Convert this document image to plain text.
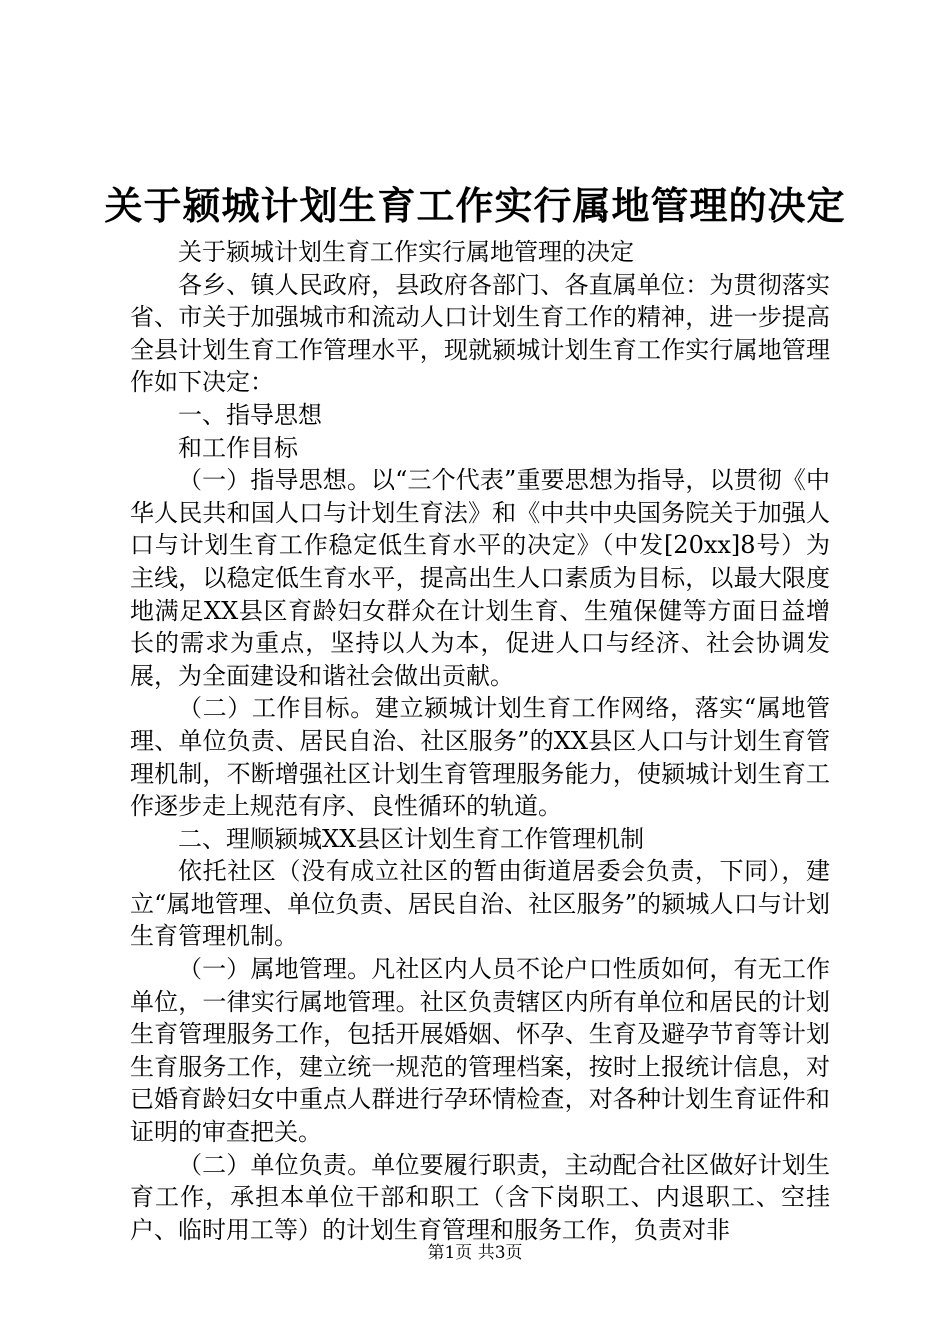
关于颍城计划生育工作实行属地管理的决定

关于颍城计划生育工作实行属地管理的决定

各乡、镇人民政府，县政府各部门、各直属单位：为贯彻落实省、市关于加强城市和流动人口计划生育工作的精神，进一步提高全县计划生育工作管理水平，现就颍城计划生育工作实行属地管理作如下决定：

一、指导思想

和工作目标

（一）指导思想。以“三个代表”重要思想为指导，以贯彻《中华人民共和国人口与计划生育法》和《中共中央国务院关于加强人口与计划生育工作稳定低生育水平的决定》（中发[20xx]8号）为主线，以稳定低生育水平，提高出生人口素质为目标，以最大限度地满足XX县区育龄妇女群众在计划生育、生殖保健等方面日益增长的需求为重点，坚持以人为本，促进人口与经济、社会协调发展，为全面建设和谐社会做出贡献。

（二）工作目标。建立颍城计划生育工作网络，落实“属地管理、单位负责、居民自治、社区服务”的XX县区人口与计划生育管理机制，不断增强社区计划生育管理服务能力，使颍城计划生育工作逐步走上规范有序、良性循环的轨道。

二、理顺颍城XX县区计划生育工作管理机制

依托社区（没有成立社区的暂由街道居委会负责，下同），建立“属地管理、单位负责、居民自治、社区服务”的颍城人口与计划生育管理机制。

（一）属地管理。凡社区内人员不论户口性质如何，有无工作单位，一律实行属地管理。社区负责辖区内所有单位和居民的计划生育管理服务工作，包括开展婚姻、怀孕、生育及避孕节育等计划生育服务工作，建立统一规范的管理档案，按时上报统计信息，对已婚育龄妇女中重点人群进行孕环情检查，对各种计划生育证件和证明的审查把关。

（二）单位负责。单位要履行职责，主动配合社区做好计划生育工作，承担本单位干部和职工（含下岗职工、内退职工、空挂户、临时用工等）的计划生育管理和服务工作，负责对非

第1页 共3页
